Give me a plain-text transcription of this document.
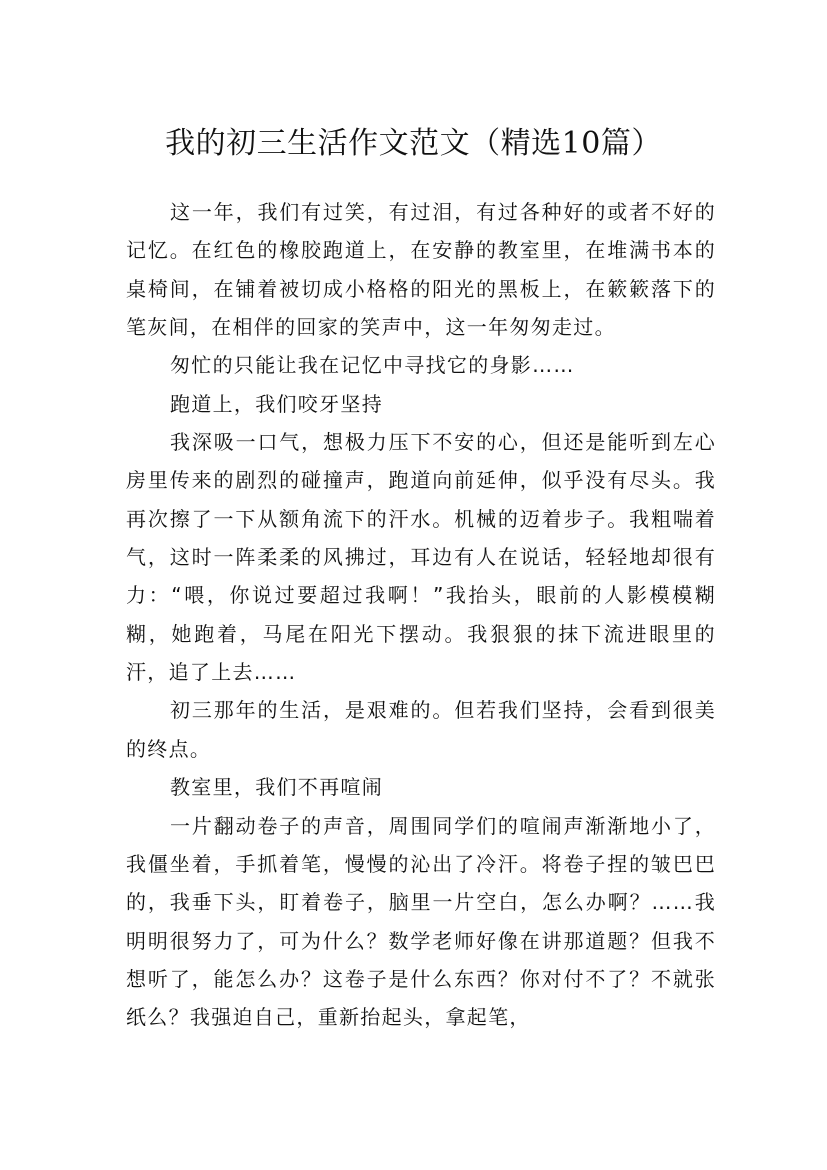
我的初三生活作文范文（精选10篇）

这一年，我们有过笑，有过泪，有过各种好的或者不好的记忆。在红色的橡胶跑道上，在安静的教室里，在堆满书本的桌椅间，在铺着被切成小格格的阳光的黑板上，在簌簌落下的笔灰间，在相伴的回家的笑声中，这一年匆匆走过。

匆忙的只能让我在记忆中寻找它的身影……

跑道上，我们咬牙坚持

我深吸一口气，想极力压下不安的心，但还是能听到左心房里传来的剧烈的碰撞声，跑道向前延伸，似乎没有尽头。我再次擦了一下从额角流下的汗水。机械的迈着步子。我粗喘着气，这时一阵柔柔的风拂过，耳边有人在说话，轻轻地却很有力：“喂，你说过要超过我啊！”我抬头，眼前的人影模模糊糊，她跑着，马尾在阳光下摆动。我狠狠的抹下流进眼里的汗，追了上去……

初三那年的生活，是艰难的。但若我们坚持，会看到很美的终点。

教室里，我们不再喧闹

一片翻动卷子的声音，周围同学们的喧闹声渐渐地小了，我僵坐着，手抓着笔，慢慢的沁出了冷汗。将卷子捏的皱巴巴的，我垂下头，盯着卷子，脑里一片空白，怎么办啊？……我明明很努力了，可为什么？数学老师好像在讲那道题？但我不想听了，能怎么办？这卷子是什么东西？你对付不了？不就张纸么？我强迫自己，重新抬起头，拿起笔，
